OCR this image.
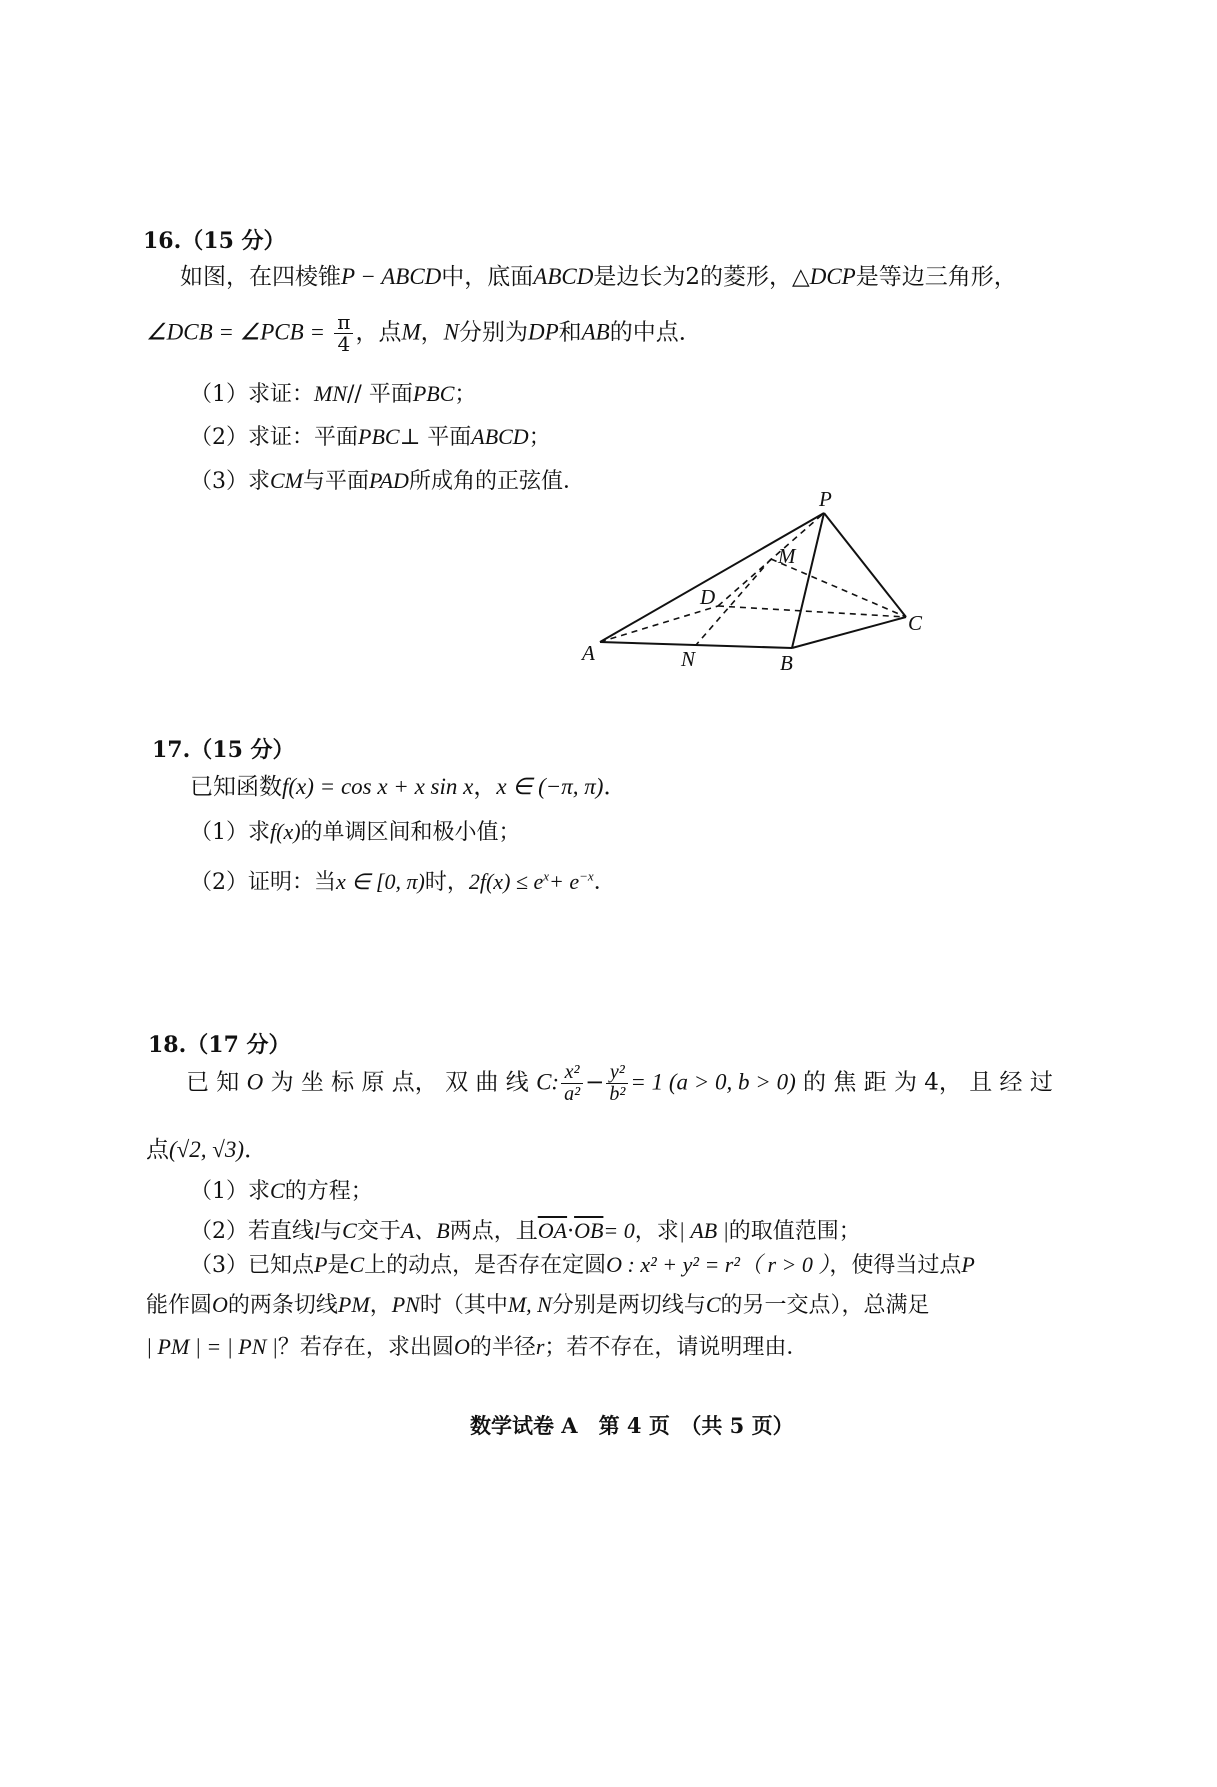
16.（15 分）
如图，在四棱锥P − ABCD中，底面ABCD是边长为2的菱形，△DCP是等边三角形，
∠DCB = ∠PCB = $\frac{\pi}{4}$ ，点M，N分别为DP和AB的中点．
（1）求证：MN// 平面PBC；
（2）求证：平面PBC⊥ 平面ABCD；
（3）求CM与平面PAD所成角的正弦值．
P
M
D
C
A	N	B
17.（15 分）
已知函数f(x) = cos x + x sin x，x ∈ (−π, π)．
（1）求f(x)的单调区间和极小值；
（2）证明：当x ∈ [0, π)时，$2f(x) \le e^x+ e^{-x}$．
18.（17 分）
已 知 O 为 坐 标 原 点， 双 曲 线 C: $\frac{\text{x²}}{\text{a²}} - \frac{\text{y²}}{\text{b²}} = 1$ (a > 0, b > 0) 的 焦 距 为 4， 且 经 过
点(√2, √3)．
（1）求C的方程；
（2）若直线l与C交于A、B两点，且$\overline{OA}\cdot\overline{OB}= 0$，求| AB |的取值范围；
（3）已知点P是C上的动点，是否存在定圆O : x² + y² = r²（ r > 0 ），使得当过点P
能作圆O的两条切线PM，PN时（其中M, N分别是两切线与C的另一交点），总满足
| PM | = | PN |？若存在，求出圆O的半径r；若不存在，请说明理由．
数学试卷 A　第 4 页　（共 5 页）
